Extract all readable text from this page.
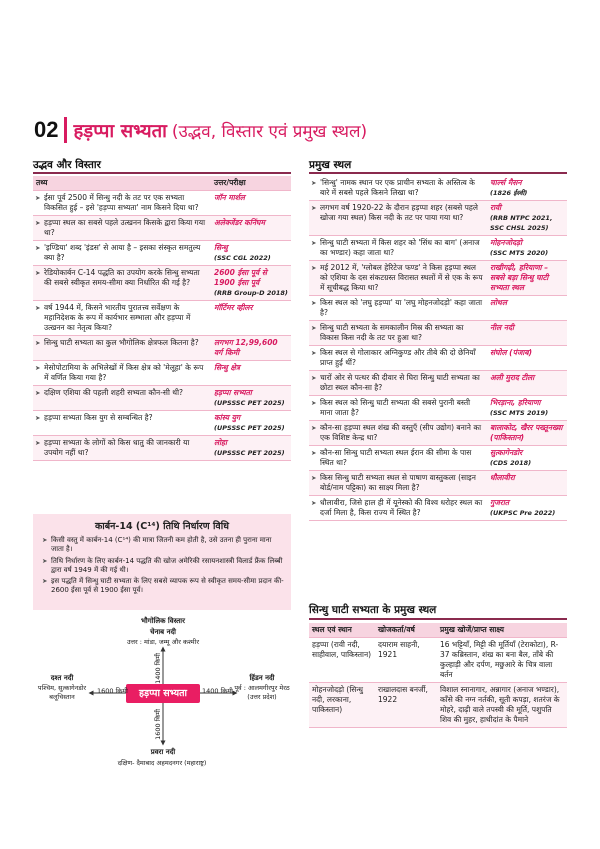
02 हड़प्पा सभ्यता (उद्भव, विस्तार एवं प्रमुख स्थल)
उद्भव और विस्तार
तथ्य	उत्तर/परीक्षा
➤ ईसा पूर्व 2500 में सिन्धु नदी के तट पर एक सभ्यता विकसित हुई – इसे 'हड़प्पा सभ्यता' नाम किसने दिया था?	जॉन मार्शल

➤ हड़प्पा स्थल का सबसे पहले उत्खनन किसके द्वारा किया गया था?	अलेक्जेंडर कनिंघम

➤ 'इण्डिया' शब्द 'इंडस' से आया है – इसका संस्कृत समतुल्य क्या है?	सिन्धु
(SSC CGL 2022)

➤ रेडियोकार्बन C-14 पद्धति का उपयोग करके सिन्धु सभ्यता की सबसे स्वीकृत समय-सीमा क्या निर्धारित की गई है?	2600 ईसा पूर्व से 1900 ईसा पूर्व
(RRB Group-D 2018)

➤ वर्ष 1944 में, किसने भारतीय पुरातत्त्व सर्वेक्षण के महानिदेशक के रूप में कार्यभार सम्भाला और हड़प्पा में उत्खनन का नेतृत्व किया?	मॉर्टिमर व्हीलर

➤ सिन्धु घाटी सभ्यता का कुल भौगोलिक क्षेत्रफल कितना है?	लगभग 12,99,600 वर्ग किमी

➤ मेसोपोटामिया के अभिलेखों में किस क्षेत्र को 'मेलूहा' के रूप में वर्णित किया गया है?	सिन्धु क्षेत्र

➤ दक्षिण एशिया की पहली शहरी सभ्यता कौन-सी थी?	हड़प्पा सभ्यता
(UPSSSC PET 2025)

➤ हड़प्पा सभ्यता किस युग से सम्बन्धित है?	कांस्य युग
(UPSSSC PET 2025)

➤ हड़प्पा सभ्यता के लोगों को किस धातु की जानकारी या उपयोग नहीं था?	लोहा
(UPSSSC PET 2025)
कार्बन-14 (C¹⁴) तिथि निर्धारण विधि
➤ किसी वस्तु में कार्बन-14 (C¹⁴) की मात्रा जितनी कम होती है, उसे उतना ही पुराना माना जाता है।
➤ तिथि निर्धारण के लिए कार्बन-14 पद्धति की खोज अमेरिकी रसायनशास्त्री विलार्ड फ्रैंक लिब्बी द्वारा वर्ष 1949 में की गई थी।
➤ इस पद्धति में सिन्धु घाटी सभ्यता के लिए सबसे व्यापक रूप से स्वीकृत समय-सीमा प्रदान की- 2600 ईसा पूर्व से 1900 ईसा पूर्व।
भौगोलिक विस्तार
चेनाब नदी
उत्तर : मांडा, जम्मू और कश्मीर
1400 किमी
हड़प्पा सभ्यता
1600 किमी
प्रवरा नदी
दक्षिण- दैमाबाद अहमदनगर (महाराष्ट्र)
दश्त नदी
पश्चिम, सुत्कागेनडोर बलूचिस्तान
1600 किमी
हिंडन नदी
पूर्व : आलमगीरपुर मेरठ (उत्तर प्रदेश)
1400 किमी
प्रमुख स्थल
➤ 'सिन्धु' नामक स्थान पर एक प्राचीन सभ्यता के अस्तित्व के बारे में सबसे पहले किसने लिखा था?	चार्ल्स मैसन
(1826 ईस्वी)

➤ लगभग वर्ष 1920-22 के दौरान हड़प्पा शहर (सबसे पहले खोजा गया स्थल) किस नदी के तट पर पाया गया था?	रावी
(RRB NTPC 2021, SSC CHSL 2025)

➤ सिन्धु घाटी सभ्यता में किस शहर को 'सिंध का बाग' (अनाज का भण्डार) कहा जाता था?	मोहनजोदड़ो
(SSC MTS 2020)

➤ मई 2012 में, 'ग्लोबल हेरिटेज फण्ड' ने किस हड़प्पा स्थल को एशिया के दस संकटग्रस्त विरासत स्थलों में से एक के रूप में सूचीबद्ध किया था?	राखीगढ़ी, हरियाणा – सबसे बड़ा सिन्धु घाटी सभ्यता स्थल

➤ किस स्थल को 'लघु हड़प्पा' या 'लघु मोहनजोदड़ो' कहा जाता है?	लोथल

➤ सिन्धु घाटी सभ्यता के समकालीन मिस्र की सभ्यता का विकास किस नदी के तट पर हुआ था?	नील नदी

➤ किस स्थल से गोलाकार अग्निकुण्ड और तीबे की दो छेनियाँ प्राप्त हुईं थीं?	संघोल (पंजाब)

➤ चारों ओर से पत्थर की दीवार से घिरा सिन्धु घाटी सभ्यता का छोटा स्थल कौन-सा है?	अली मुराद टीला

➤ किस स्थल को सिन्धु घाटी सभ्यता की सबसे पुरानी बस्ती माना जाता है?	भिरड़ाना, हरियाणा
(SSC MTS 2019)

➤ कौन-सा हड़प्पा स्थल शंख की वस्तुएँ (सीप उद्योग) बनाने का एक विशिष्ट केन्द्र था?	बालाकोट, खैरर पख्तूनख्वा (पाकिस्तान)

➤ कौन-सा सिन्धु घाटी सभ्यता स्थल ईरान की सीमा के पास स्थित था?	सुत्कागेनडोर
(CDS 2018)

➤ किस सिन्धु घाटी सभ्यता स्थल से पाषाण वास्तुकला (साइन बोर्ड/नाम पट्टिका) का साक्ष्य मिला है?	धौलावीरा

➤ धौलावीरा, जिसे हाल ही में यूनेस्को की विश्व धरोहर स्थल का दर्जा मिला है, किस राज्य में स्थित है?	गुजरात
(UKPSC Pre 2022)
सिन्धु घाटी सभ्यता के प्रमुख स्थल
स्थल एवं स्थान	खोजकर्ता/वर्ष	प्रमुख खोजें/प्राप्त साक्ष्य
हड़प्पा (रावी नदी, साहीवाल, पाकिस्तान)	दयाराम साहनी, 1921	16 भट्टियाँ, मिट्टी की मूर्तियाँ (टेराकोटा), R-37 कब्रिस्तान, शंख का बना बैल, ताँबे की कुल्हाड़ी और दर्पण, मछुआरे के चित्र वाला बर्तन
मोहनजोदड़ो (सिन्धु नदी, लरकाना, पाकिस्तान)	राखालदास बनर्जी, 1922	विशाल स्नानागार, अन्नागार (अनाज भण्डार), काँसे की नग्न नर्तकी, सूती कपड़ा, शतरंज के मोहरे, दाढ़ी वाले तपस्वी की मूर्ति, पशुपति शिव की मुहर, हाथीदांत के पैमाने
